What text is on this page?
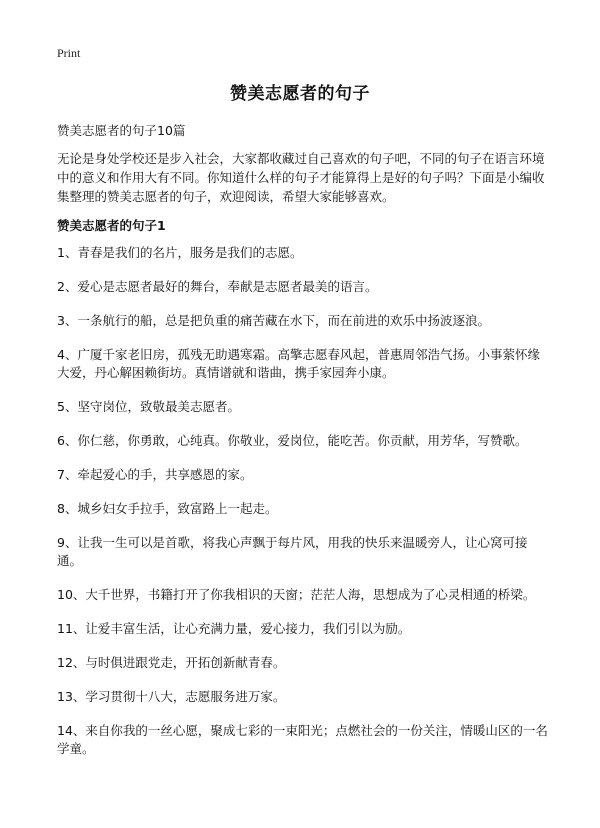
Print
赞美志愿者的句子
赞美志愿者的句子10篇
无论是身处学校还是步入社会，大家都收藏过自己喜欢的句子吧，不同的句子在语言环境中的意义和作用大有不同。你知道什么样的句子才能算得上是好的句子吗？下面是小编收集整理的赞美志愿者的句子，欢迎阅读，希望大家能够喜欢。
赞美志愿者的句子1
1、青春是我们的名片，服务是我们的志愿。
2、爱心是志愿者最好的舞台，奉献是志愿者最美的语言。
3、一条航行的船，总是把负重的痛苦藏在水下，而在前进的欢乐中扬波逐浪。
4、广厦千家老旧房，孤残无助遇寒霜。高擎志愿春风起，普惠周邻浩气扬。小事萦怀缘大爱，丹心解困赖街坊。真情谱就和谐曲，携手家园奔小康。
5、坚守岗位，致敬最美志愿者。
6、你仁慈，你勇敢，心纯真。你敬业，爱岗位，能吃苦。你贡献，用芳华，写赞歌。
7、牵起爱心的手，共享感恩的家。
8、城乡妇女手拉手，致富路上一起走。
9、让我一生可以是首歌，将我心声飘于每片风，用我的快乐来温暖旁人，让心窝可接通。
10、大千世界，书籍打开了你我相识的天窗；茫茫人海，思想成为了心灵相通的桥梁。
11、让爱丰富生活，让心充满力量，爱心接力，我们引以为励。
12、与时俱进跟党走，开拓创新献青春。
13、学习贯彻十八大，志愿服务进万家。
14、来自你我的一丝心愿，聚成七彩的一束阳光；点燃社会的一份关注，情暖山区的一名学童。
